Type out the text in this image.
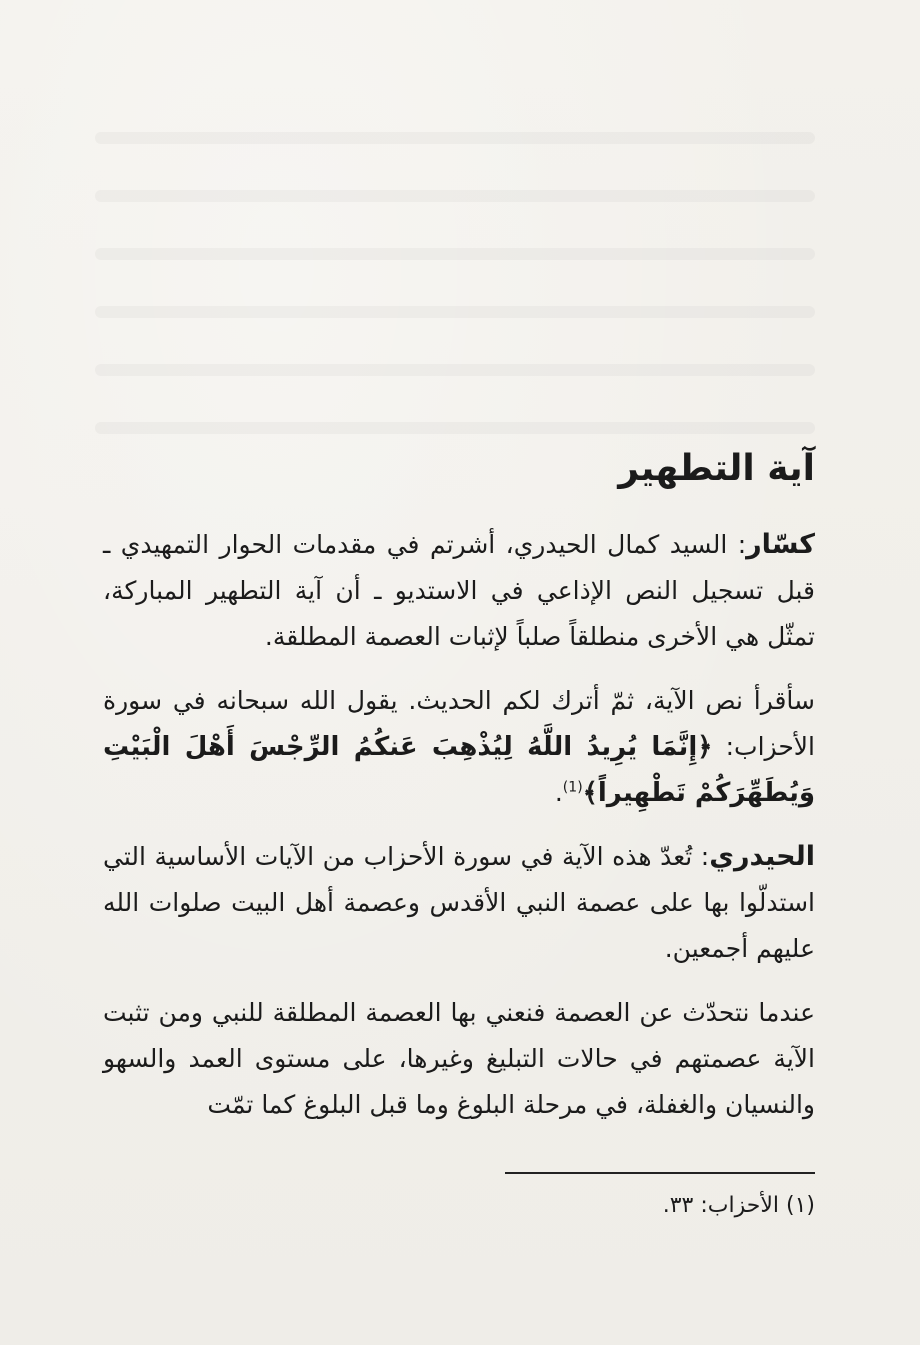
آية التطهير

كسّار: السيد كمال الحيدري، أشرتم في مقدمات الحوار التمهيدي ـ قبل تسجيل النص الإذاعي في الاستديو ـ أن آية التطهير المباركة، تمثّل هي الأخرى منطلقاً صلباً لإثبات العصمة المطلقة.

سأقرأ نص الآية، ثمّ أترك لكم الحديث. يقول الله سبحانه في سورة الأحزاب: ﴿إِنَّمَا يُرِيدُ اللَّهُ لِيُذْهِبَ عَنكُمُ الرِّجْسَ أَهْلَ الْبَيْتِ وَيُطَهِّرَكُمْ تَطْهِيراً﴾$^{(1)}$.

الحيدري: تُعدّ هذه الآية في سورة الأحزاب من الآيات الأساسية التي استدلّوا بها على عصمة النبي الأقدس وعصمة أهل البيت صلوات الله عليهم أجمعين.

عندما نتحدّث عن العصمة فنعني بها العصمة المطلقة للنبي ومن تثبت الآية عصمتهم في حالات التبليغ وغيرها، على مستوى العمد والسهو والنسيان والغفلة، في مرحلة البلوغ وما قبل البلوغ كما تمّت

(١) الأحزاب: ٣٣.
